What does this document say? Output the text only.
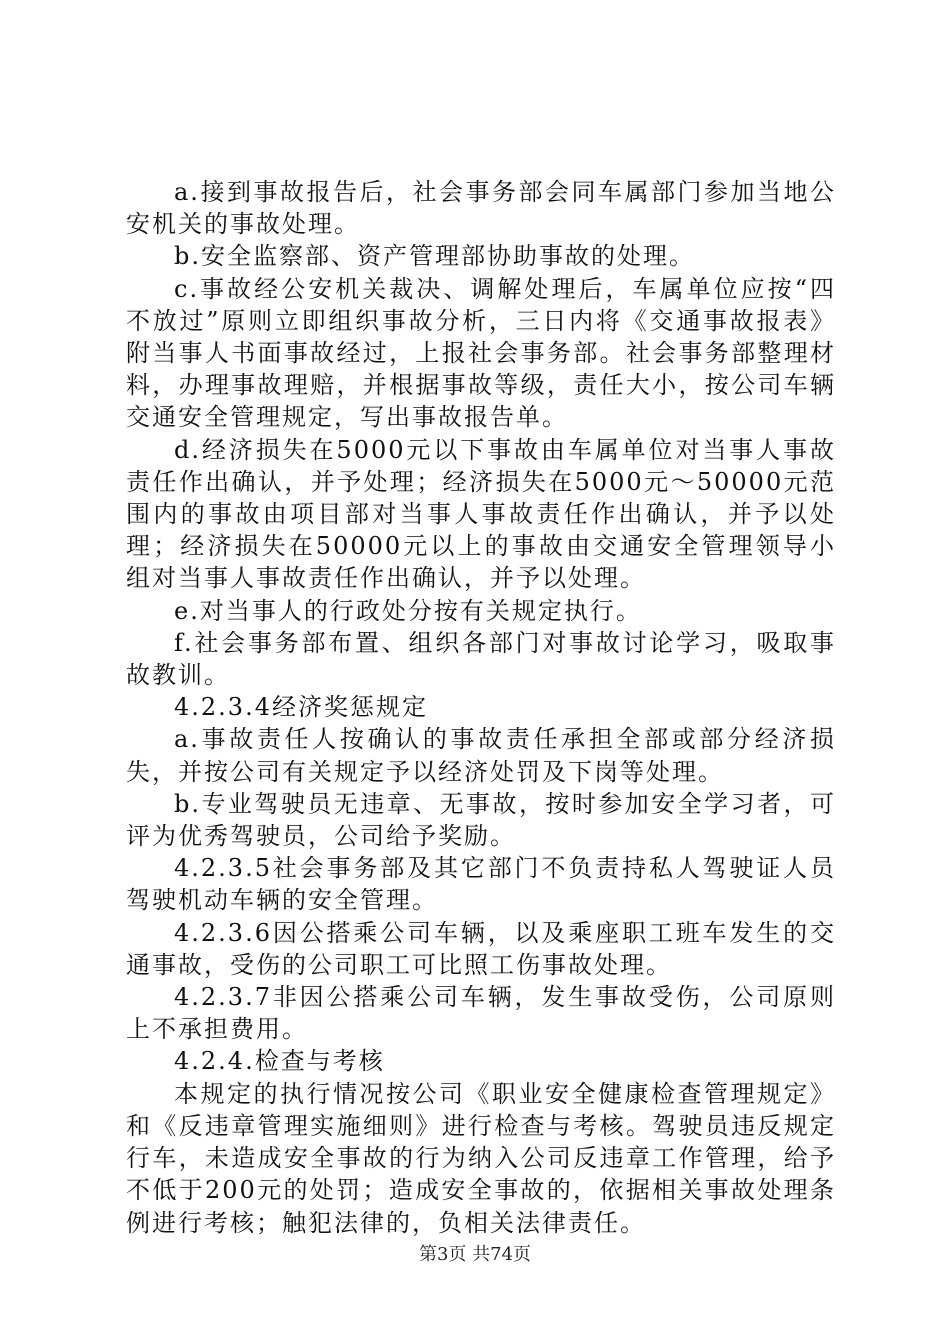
a.接到事故报告后，社会事务部会同车属部门参加当地公安机关的事故处理。

b.安全监察部、资产管理部协助事故的处理。

c.事故经公安机关裁决、调解处理后，车属单位应按“四不放过”原则立即组织事故分析，三日内将《交通事故报表》附当事人书面事故经过，上报社会事务部。社会事务部整理材料，办理事故理赔，并根据事故等级，责任大小，按公司车辆交通安全管理规定，写出事故报告单。

d.经济损失在5000元以下事故由车属单位对当事人事故责任作出确认，并予处理；经济损失在5000元～50000元范围内的事故由项目部对当事人事故责任作出确认，并予以处理；经济损失在50000元以上的事故由交通安全管理领导小组对当事人事故责任作出确认，并予以处理。

e.对当事人的行政处分按有关规定执行。

f.社会事务部布置、组织各部门对事故讨论学习，吸取事故教训。

4.2.3.4经济奖惩规定

a.事故责任人按确认的事故责任承担全部或部分经济损失，并按公司有关规定予以经济处罚及下岗等处理。

b.专业驾驶员无违章、无事故，按时参加安全学习者，可评为优秀驾驶员，公司给予奖励。

4.2.3.5社会事务部及其它部门不负责持私人驾驶证人员驾驶机动车辆的安全管理。

4.2.3.6因公搭乘公司车辆，以及乘座职工班车发生的交通事故，受伤的公司职工可比照工伤事故处理。

4.2.3.7非因公搭乘公司车辆，发生事故受伤，公司原则上不承担费用。

4.2.4.检查与考核

本规定的执行情况按公司《职业安全健康检查管理规定》和《反违章管理实施细则》进行检查与考核。驾驶员违反规定行车，未造成安全事故的行为纳入公司反违章工作管理，给予不低于200元的处罚；造成安全事故的，依据相关事故处理条例进行考核；触犯法律的，负相关法律责任。

第3页 共74页
